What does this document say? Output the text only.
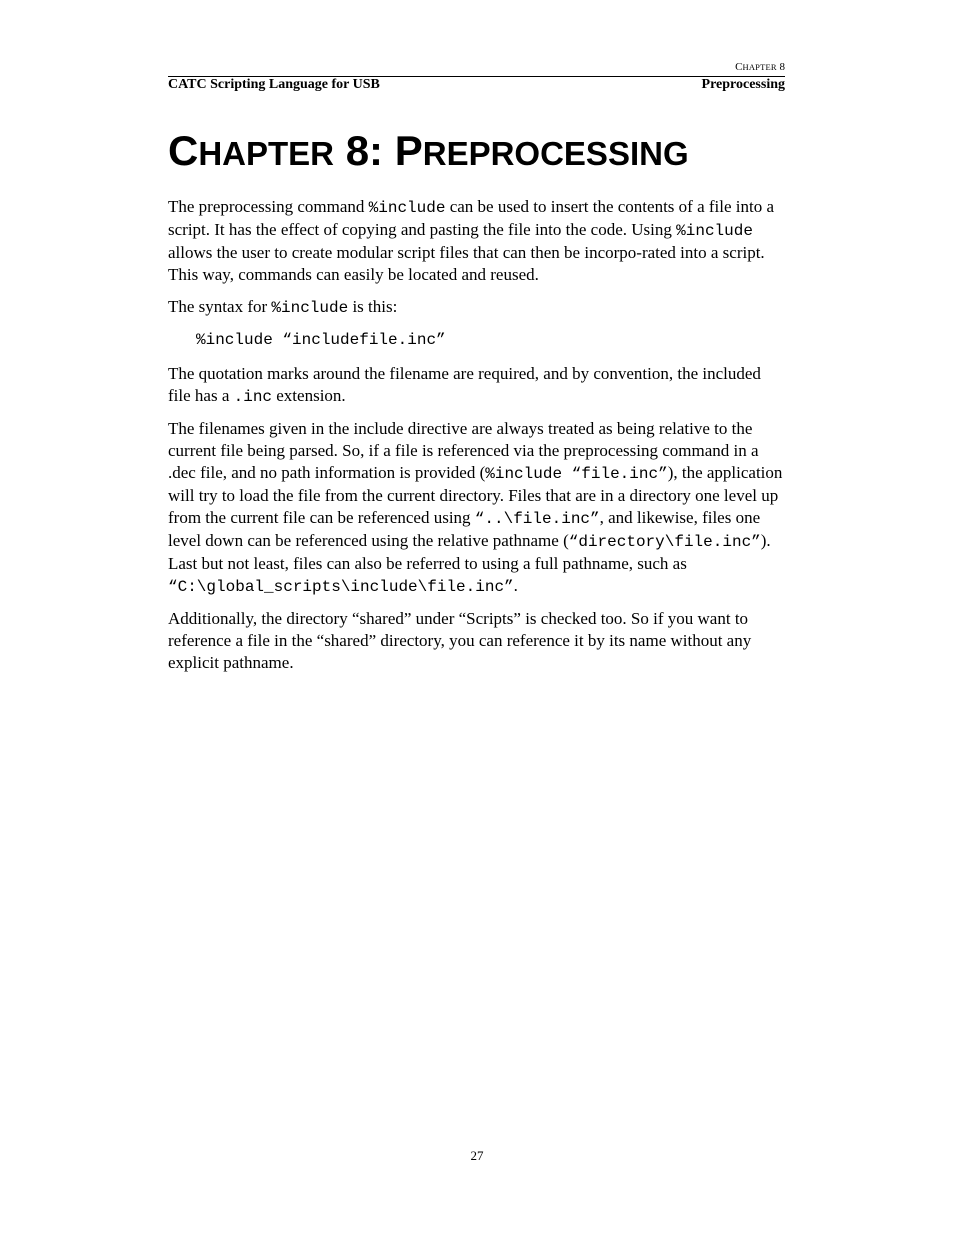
CHAPTER 8
CATC Scripting Language for USB	Preprocessing
CHAPTER 8: PREPROCESSING

The preprocessing command %include can be used to insert the contents of a file into a script. It has the effect of copying and pasting the file into the code. Using %include allows the user to create modular script files that can then be incorpo-rated into a script. This way, commands can easily be located and reused.

The syntax for %include is this:

%include “includefile.inc”

The quotation marks around the filename are required, and by convention, the included file has a .inc extension.

The filenames given in the include directive are always treated as being relative to the current file being parsed. So, if a file is referenced via the preprocessing command in a .dec file, and no path information is provided (%include “file.inc”), the application will try to load the file from the current directory. Files that are in a directory one level up from the current file can be referenced using “..\file.inc”, and likewise, files one level down can be referenced using the relative pathname (“directory\file.inc”). Last but not least, files can also be referred to using a full pathname, such as “C:\global_scripts\include\file.inc”.

Additionally, the directory “shared” under “Scripts” is checked too. So if you want to reference a file in the “shared” directory, you can reference it by its name without any explicit pathname.

27
